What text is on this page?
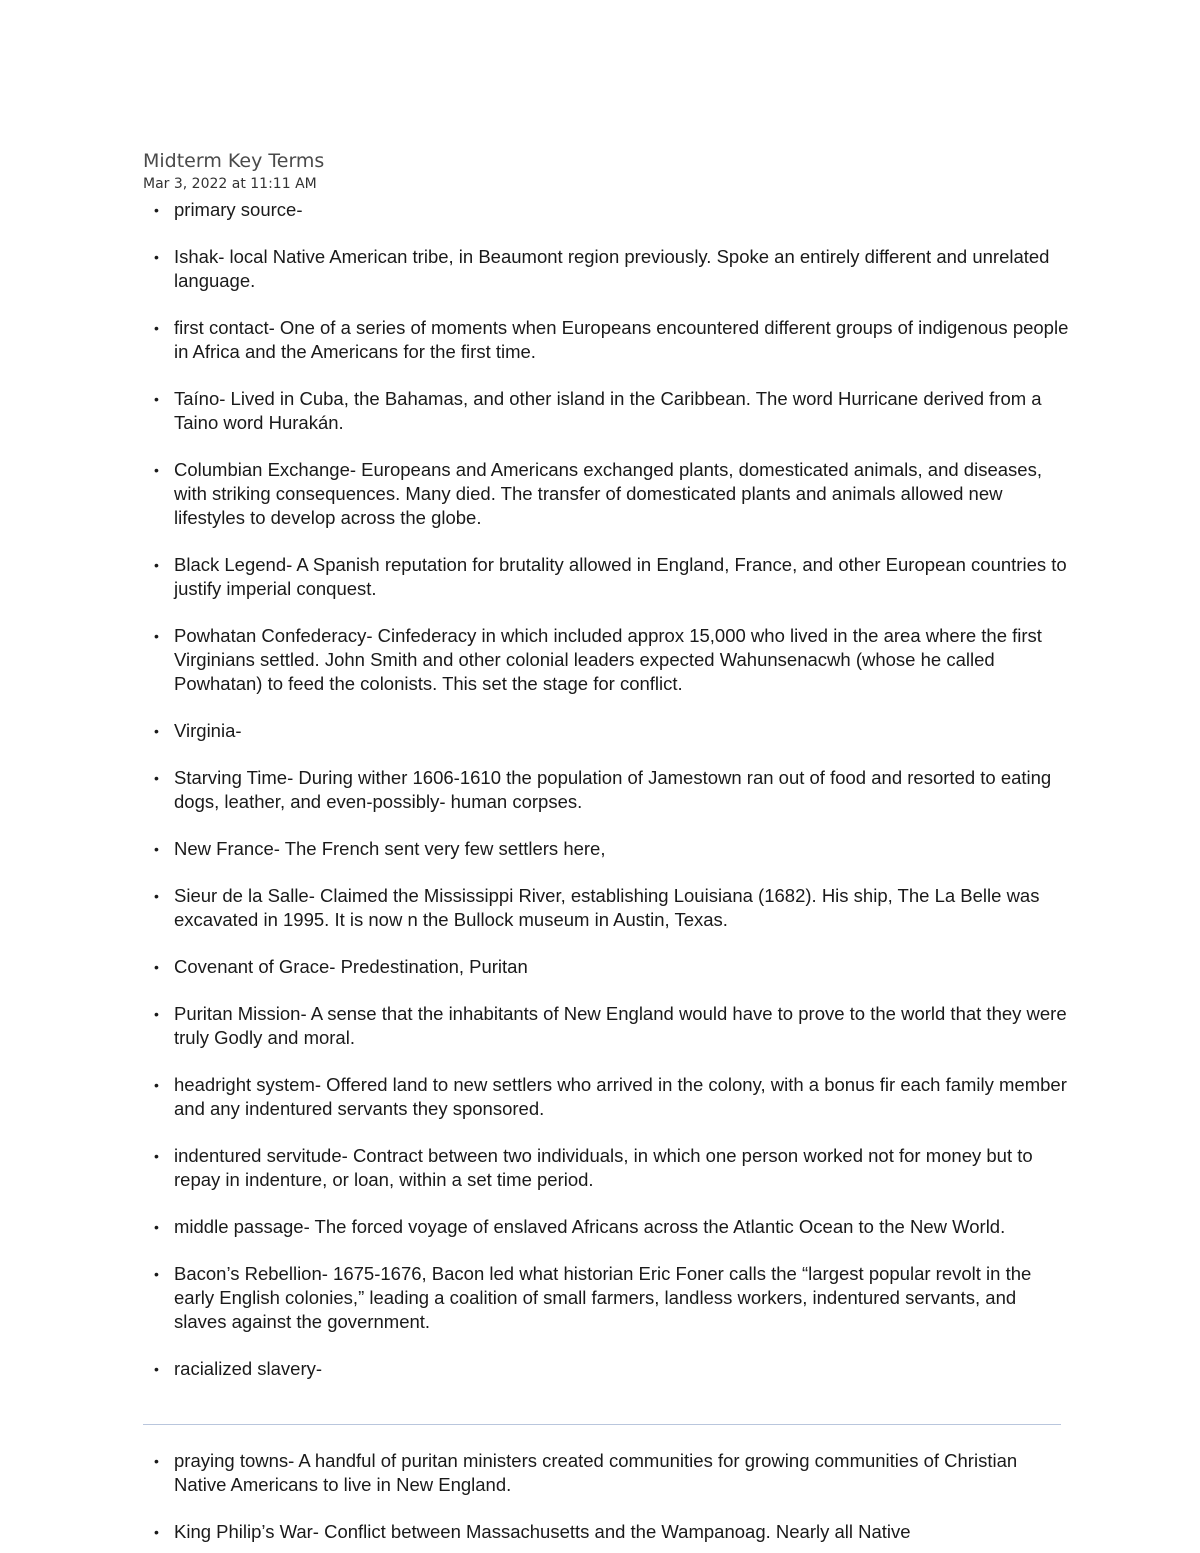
Midterm Key Terms
Mar 3, 2022 at 11:11 AM
• primary source-
• Ishak- local Native American tribe, in Beaumont region previously. Spoke an entirely different and unrelated language.
• first contact- One of a series of moments when Europeans encountered different groups of indigenous people in Africa and the Americans for the first time.
• Taíno- Lived in Cuba, the Bahamas, and other island in the Caribbean. The word Hurricane derived from a Taino word Hurakán.
• Columbian Exchange- Europeans and Americans exchanged plants, domesticated animals, and diseases, with striking consequences. Many died. The transfer of domesticated plants and animals allowed new lifestyles to develop across the globe.
• Black Legend- A Spanish reputation for brutality allowed in England, France, and other European countries to justify imperial conquest.
• Powhatan Confederacy- Cinfederacy in which included approx 15,000 who lived in the area where the first Virginians settled. John Smith and other colonial leaders expected Wahunsenacwh (whose he called Powhatan) to feed the colonists. This set the stage for conflict.
• Virginia-
• Starving Time- During wither 1606-1610 the population of Jamestown ran out of food and resorted to eating dogs, leather, and even-possibly- human corpses.
• New France- The French sent very few settlers here,
• Sieur de la Salle- Claimed the Mississippi River, establishing Louisiana (1682). His ship, The La Belle was excavated in 1995. It is now n the Bullock museum in Austin, Texas.
• Covenant of Grace- Predestination, Puritan
• Puritan Mission- A sense that the inhabitants of New England would have to prove to the world that they were truly Godly and moral.
• headright system- Offered land to new settlers who arrived in the colony, with a bonus fir each family member and any indentured servants they sponsored.
• indentured servitude- Contract between two individuals, in which one person worked not for money but to repay in indenture, or loan, within a set time period.
• middle passage- The forced voyage of enslaved Africans across the Atlantic Ocean to the New World.
• Bacon’s Rebellion- 1675-1676, Bacon led what historian Eric Foner calls the “largest popular revolt in the early English colonies,” leading a coalition of small farmers, landless workers, indentured servants, and slaves against the government.
• racialized slavery-
• praying towns- A handful of puritan ministers created communities for growing communities of Christian Native Americans to live in New England.
• King Philip’s War- Conflict between Massachusetts and the Wampanoag. Nearly all Native
